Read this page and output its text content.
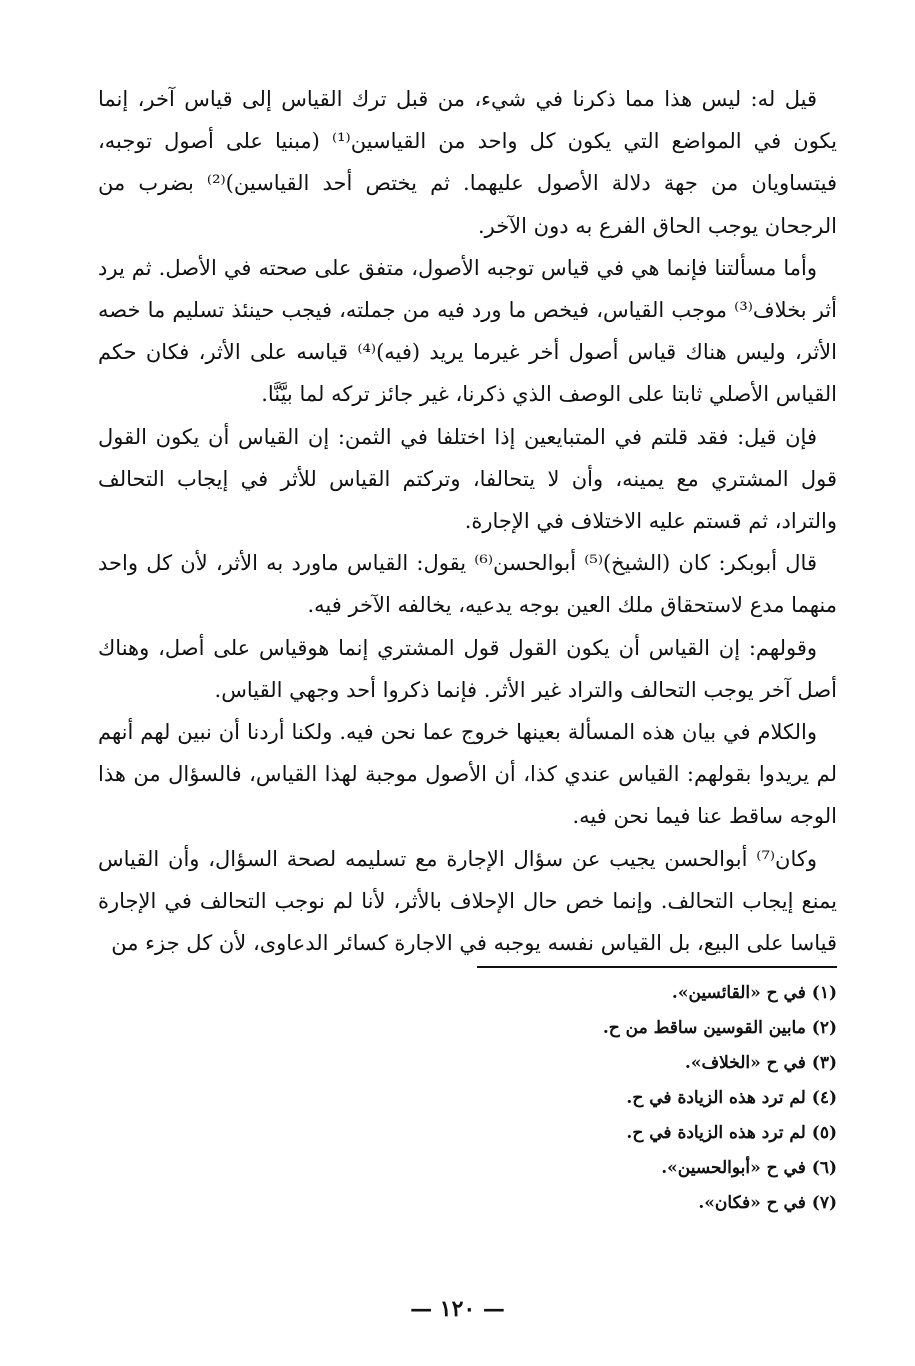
قيل له: ليس هذا مما ذكرنا في شيء، من قبل ترك القياس إلى قياس آخر، إنما يكون في المواضع التي يكون كل واحد من القياسين⁽¹⁾ (مبنيا على أصول توجبه، فيتساويان من جهة دلالة الأصول عليهما. ثم يختص أحد القياسين)⁽²⁾ بضرب من الرجحان يوجب الحاق الفرع به دون الآخر.

وأما مسألتنا فإنما هي في قياس توجبه الأصول، متفق على صحته في الأصل. ثم يرد أثر بخلاف⁽³⁾ موجب القياس، فيخص ما ورد فيه من جملته، فيجب حينئذ تسليم ما خصه الأثر، وليس هناك قياس أصول أخر غيرما يريد (فيه)⁽⁴⁾ قياسه على الأثر، فكان حكم القياس الأصلي ثابتا على الوصف الذي ذكرنا، غير جائز تركه لما بيَّنَّا.

فإن قيل: فقد قلتم في المتبايعين إذا اختلفا في الثمن: إن القياس أن يكون القول قول المشتري مع يمينه، وأن لا يتحالفا، وتركتم القياس للأثر في إيجاب التحالف والتراد، ثم قستم عليه الاختلاف في الإجارة.

قال أبوبكر: كان (الشيخ)⁽⁵⁾ أبوالحسن⁽⁶⁾ يقول: القياس ماورد به الأثر، لأن كل واحد منهما مدع لاستحقاق ملك العين بوجه يدعيه، يخالفه الآخر فيه.

وقولهم: إن القياس أن يكون القول قول المشتري إنما هوقياس على أصل، وهناك أصل آخر يوجب التحالف والتراد غير الأثر. فإنما ذكروا أحد وجهي القياس.

والكلام في بيان هذه المسألة بعينها خروج عما نحن فيه. ولكنا أردنا أن نبين لهم أنهم لم يريدوا بقولهم: القياس عندي كذا، أن الأصول موجبة لهذا القياس، فالسؤال من هذا الوجه ساقط عنا فيما نحن فيه.

وكان⁽⁷⁾ أبوالحسن يجيب عن سؤال الإجارة مع تسليمه لصحة السؤال، وأن القياس يمنع إيجاب التحالف. وإنما خص حال الإحلاف بالأثر، لأنا لم نوجب التحالف في الإجارة قياسا على البيع، بل القياس نفسه يوجبه في الاجارة كسائر الدعاوى، لأن كل جزء من

(١) في ح «القائسين».

(٢) مابين القوسين ساقط من ح.

(٣) في ح «الخلاف».

(٤) لم ترد هذه الزيادة في ح.

(٥) لم ترد هذه الزيادة في ح.

(٦) في ح «أبوالحسين».

(٧) في ح «فكان».

— ١٢٠ —
